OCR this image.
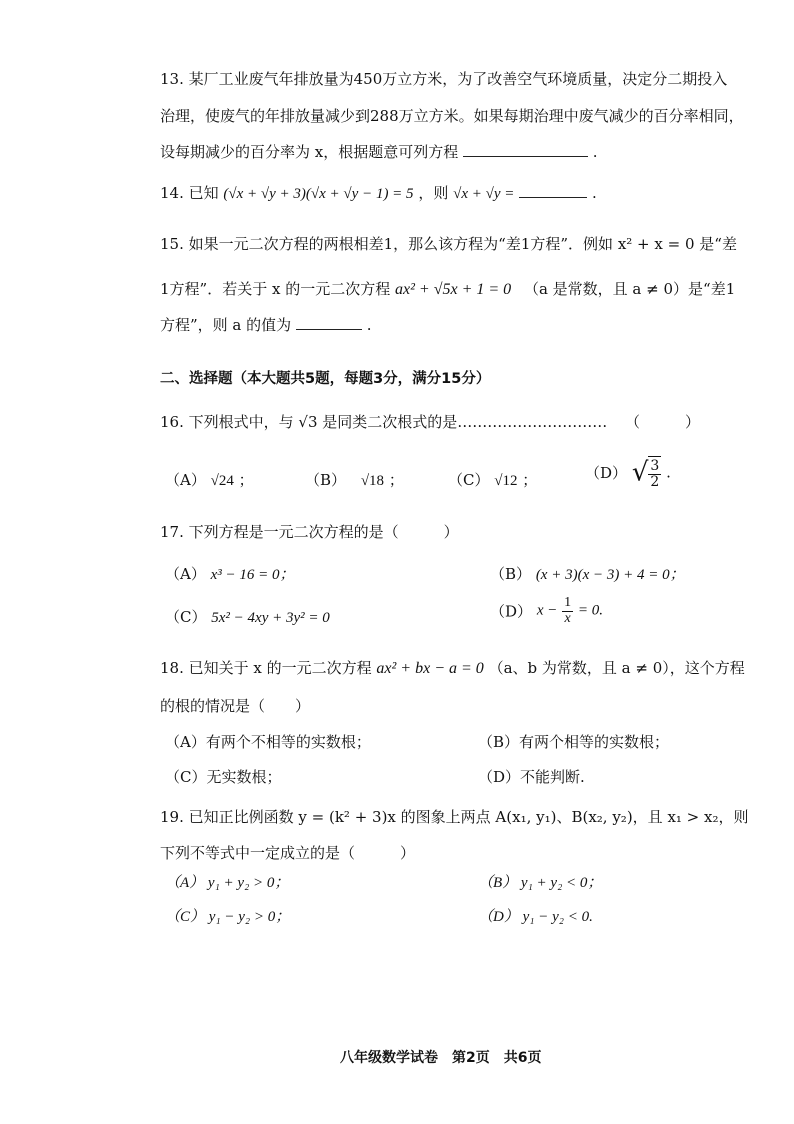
13. 某厂工业废气年排放量为450万立方米，为了改善空气环境质量，决定分二期投入
治理，使废气的年排放量减少到288万立方米。如果每期治理中废气减少的百分率相同，
设每期减少的百分率为 x，根据题意可列方程	.
14. 已知 (√x + √y + 3)(√x + √y − 1) = 5 ，则 √x + √y =	.
15. 如果一元二次方程的两根相差1，那么该方程为“差1方程”．例如 x² + x = 0 是“差
1方程”．若关于 x 的一元二次方程 ax² + √5x + 1 = 0 （a 是常数，且 a ≠ 0）是“差1
方程”，则 a 的值为	.
二、选择题（本大题共5题，每题3分，满分15分）
16. 下列根式中，与 √3 是同类二次根式的是………………………… （　　　）
（A） √24 ；	（B） √18 ；	（C） √12 ；	（D） √ $\frac{3}{2}$ .
17. 下列方程是一元二次方程的是（　　　）
（A） x³ − 16 = 0；	（B） (x + 3)(x − 3) + 4 = 0；
（C） 5x² − 4xy + 3y² = 0	（D） $x - \frac{1}{x} = 0$.
18. 已知关于 x 的一元二次方程 ax² + bx − a = 0 （a、b 为常数，且 a ≠ 0），这个方程
的根的情况是（　　）
（A）有两个不相等的实数根；	（B）有两个相等的实数根；
（C）无实数根；	（D）不能判断.
19. 已知正比例函数 y = (k² + 3)x 的图象上两点 A(x₁, y₁)、B(x₂, y₂)，且 x₁ > x₂，则
下列不等式中一定成立的是（　　　）
（A） y₁ + y₂ > 0；	（B） y₁ + y₂ < 0；
（C） y₁ − y₂ > 0；	（D） y₁ − y₂ < 0.
八年级数学试卷　第2页　共6页
